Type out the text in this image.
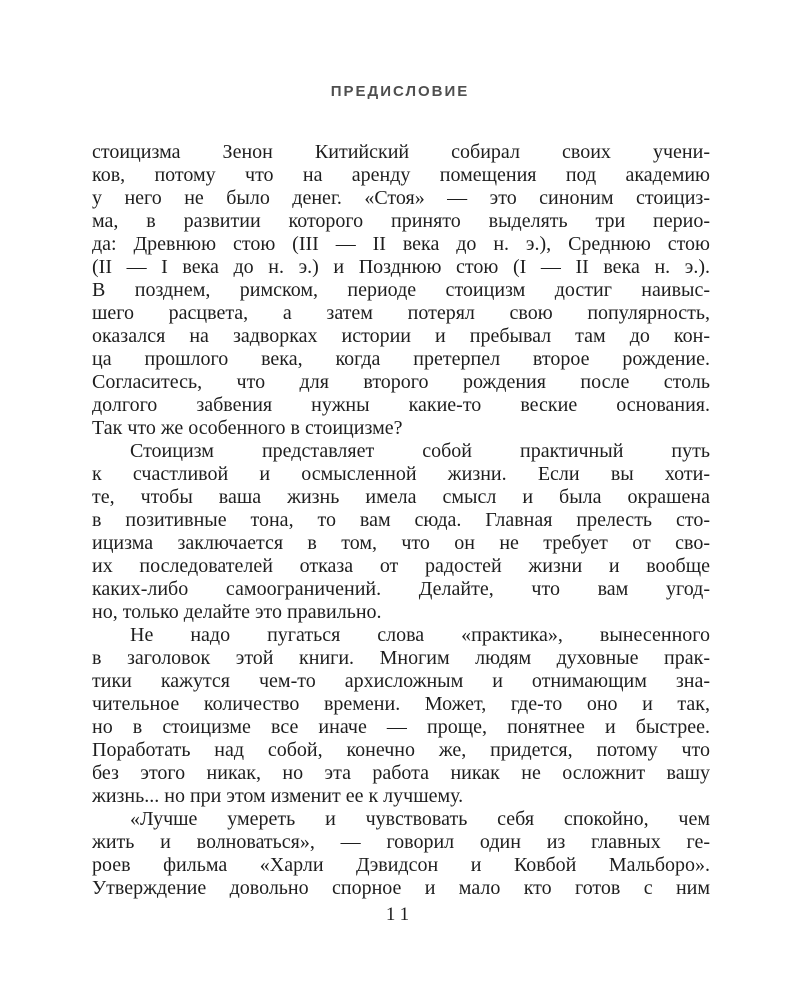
ПРЕДИСЛОВИЕ
стоицизма Зенон Китийский собирал своих учени-
ков, потому что на аренду помещения под академию
у него не было денег. «Стоя» — это синоним стоициз-
ма, в развитии которого принято выделять три перио-
да: Древнюю стою (III — II века до н. э.), Среднюю стою
(II — I века до н. э.) и Позднюю стою (I — II века н. э.).
В позднем, римском, периоде стоицизм достиг наивыс-
шего расцвета, а затем потерял свою популярность,
оказался на задворках истории и пребывал там до кон-
ца прошлого века, когда претерпел второе рождение.
Согласитесь, что для второго рождения после столь
долгого забвения нужны какие-то веские основания.
Так что же особенного в стоицизме?
Стоицизм представляет собой практичный путь
к счастливой и осмысленной жизни. Если вы хоти-
те, чтобы ваша жизнь имела смысл и была окрашена
в позитивные тона, то вам сюда. Главная прелесть сто-
ицизма заключается в том, что он не требует от сво-
их последователей отказа от радостей жизни и вообще
каких-либо самоограничений. Делайте, что вам угод-
но, только делайте это правильно.
Не надо пугаться слова «практика», вынесенного
в заголовок этой книги. Многим людям духовные прак-
тики кажутся чем-то архисложным и отнимающим зна-
чительное количество времени. Может, где-то оно и так,
но в стоицизме все иначе — проще, понятнее и быстрее.
Поработать над собой, конечно же, придется, потому что
без этого никак, но эта работа никак не осложнит вашу
жизнь... но при этом изменит ее к лучшему.
«Лучше умереть и чувствовать себя спокойно, чем
жить и волноваться», — говорил один из главных ге-
роев фильма «Харли Дэвидсон и Ковбой Мальборо».
Утверждение довольно спорное и мало кто готов с ним
11
